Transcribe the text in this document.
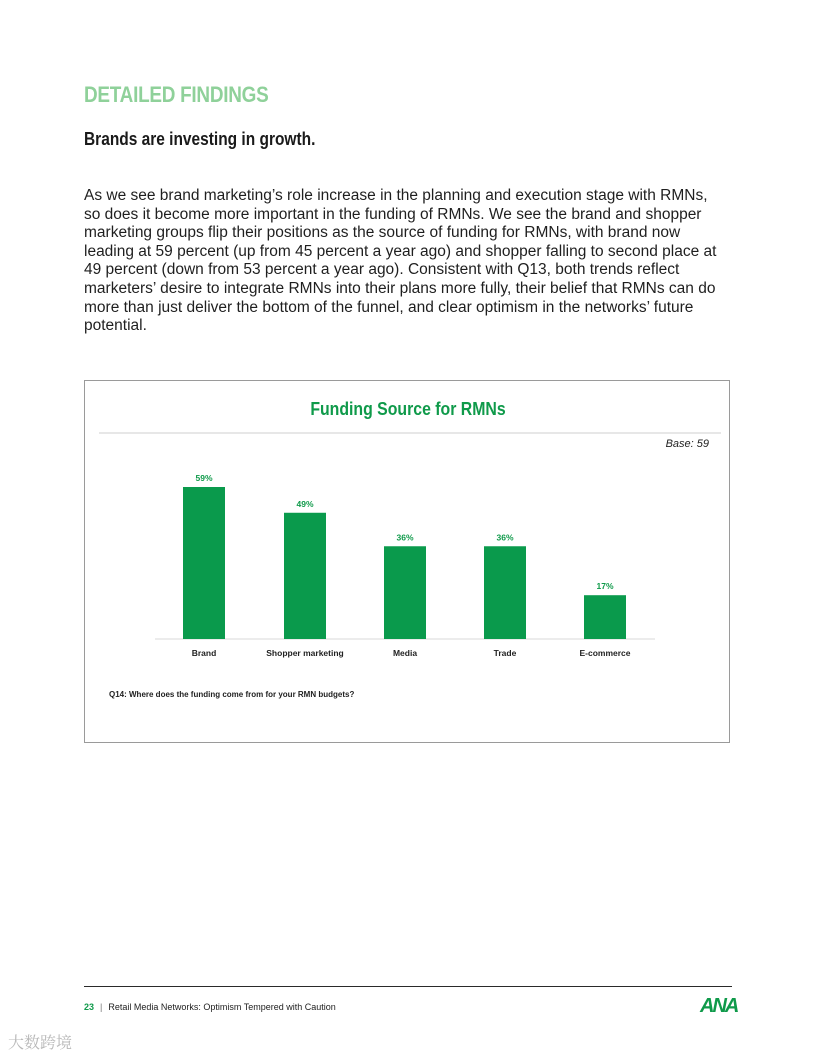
DETAILED FINDINGS
Brands are investing in growth.

As we see brand marketing’s role increase in the planning and execution stage with RMNs, so does it become more important in the funding of RMNs. We see the brand and shopper marketing groups flip their positions as the source of funding for RMNs, with brand now leading at 59 percent (up from 45 percent a year ago) and shopper falling to second place at 49 percent (down from 53 percent a year ago). Consistent with Q13, both trends reflect marketers’ desire to integrate RMNs into their plans more fully, their belief that RMNs can do more than just deliver the bottom of the funnel, and clear optimism in the networks’ future potential.

Funding Source for RMNs
Base: 59
59%
Brand
49%
Shopper marketing
36%
Media
36%
Trade
17%
E-commerce
Q14: Where does the funding come from for your RMN budgets?
23 | Retail Media Networks: Optimism Tempered with Caution	ANA
大数跨境
